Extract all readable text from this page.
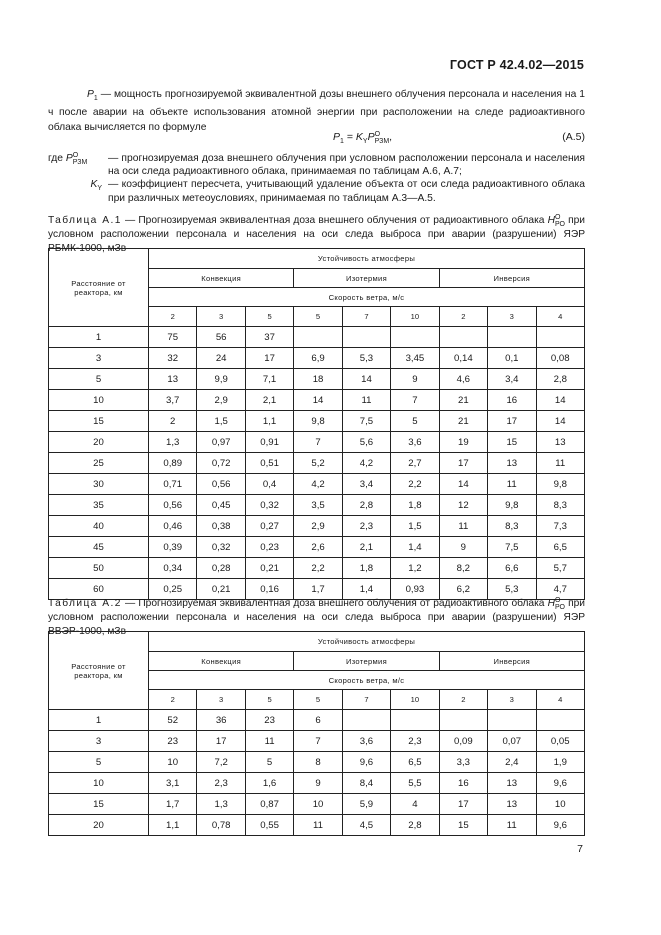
ГОСТ Р 42.4.02—2015
$P_1$ — мощность прогнозируемой эквивалентной дозы внешнего облучения персонала и населения на 1 ч после аварии на объекте использования атомной энергии при расположении на следе радиоактивного облака вычисляется по формуле
$P_1 = K_YPO$
РЗМ,	(А.5)
где PO
РЗМ	— прогнозируемая доза внешнего облучения при условном расположении персонала и населения на оси следа радиоактивного облака, принимаемая по таблицам А.6, А.7;
$K_Y$ — коэффициент пересчета, учитывающий удаление объекта от оси следа радиоактивного облака при различных метеоусловиях, принимаемая по таблицам А.3—А.5.
Таблица А.1 — Прогнозируемая эквивалентная доза внешнего облучения от радиоактивного облака HO
РО при условном расположении персонала и населения на оси следа выброса при аварии (разрушении) ЯЭР РБМК-1000, мЗв
Расстояние от реактора, км	Устойчивость атмосферы								
	Конвекция			Изотермия			Инверсия		
	Скорость ветра, м/с								
	2	3	5	5	7	10	2	3	4
1	75	56	37						
3	32	24	17	6,9	5,3	3,45	0,14	0,1	0,08
5	13	9,9	7,1	18	14	9	4,6	3,4	2,8
10	3,7	2,9	2,1	14	11	7	21	16	14
15	2	1,5	1,1	9,8	7,5	5	21	17	14
20	1,3	0,97	0,91	7	5,6	3,6	19	15	13
25	0,89	0,72	0,51	5,2	4,2	2,7	17	13	11
30	0,71	0,56	0,4	4,2	3,4	2,2	14	11	9,8
35	0,56	0,45	0,32	3,5	2,8	1,8	12	9,8	8,3
40	0,46	0,38	0,27	2,9	2,3	1,5	11	8,3	7,3
45	0,39	0,32	0,23	2,6	2,1	1,4	9	7,5	6,5
50	0,34	0,28	0,21	2,2	1,8	1,2	8,2	6,6	5,7
60	0,25	0,21	0,16	1,7	1,4	0,93	6,2	5,3	4,7
Таблица А.2 — Прогнозируемая эквивалентная доза внешнего облучения от радиоактивного облака HO
РО при условном расположении персонала и населения на оси следа выброса при аварии (разрушении) ЯЭР ВВЭР-1000, мЗв
Расстояние от реактора, км	Устойчивость атмосферы								
	Конвекция			Изотермия			Инверсия		
	Скорость ветра, м/с								
	2	3	5	5	7	10	2	3	4
1	52	36	23	6					
3	23	17	11	7	3,6	2,3	0,09	0,07	0,05
5	10	7,2	5	8	9,6	6,5	3,3	2,4	1,9
10	3,1	2,3	1,6	9	8,4	5,5	16	13	9,6
15	1,7	1,3	0,87	10	5,9	4	17	13	10
20	1,1	0,78	0,55	11	4,5	2,8	15	11	9,6
7
